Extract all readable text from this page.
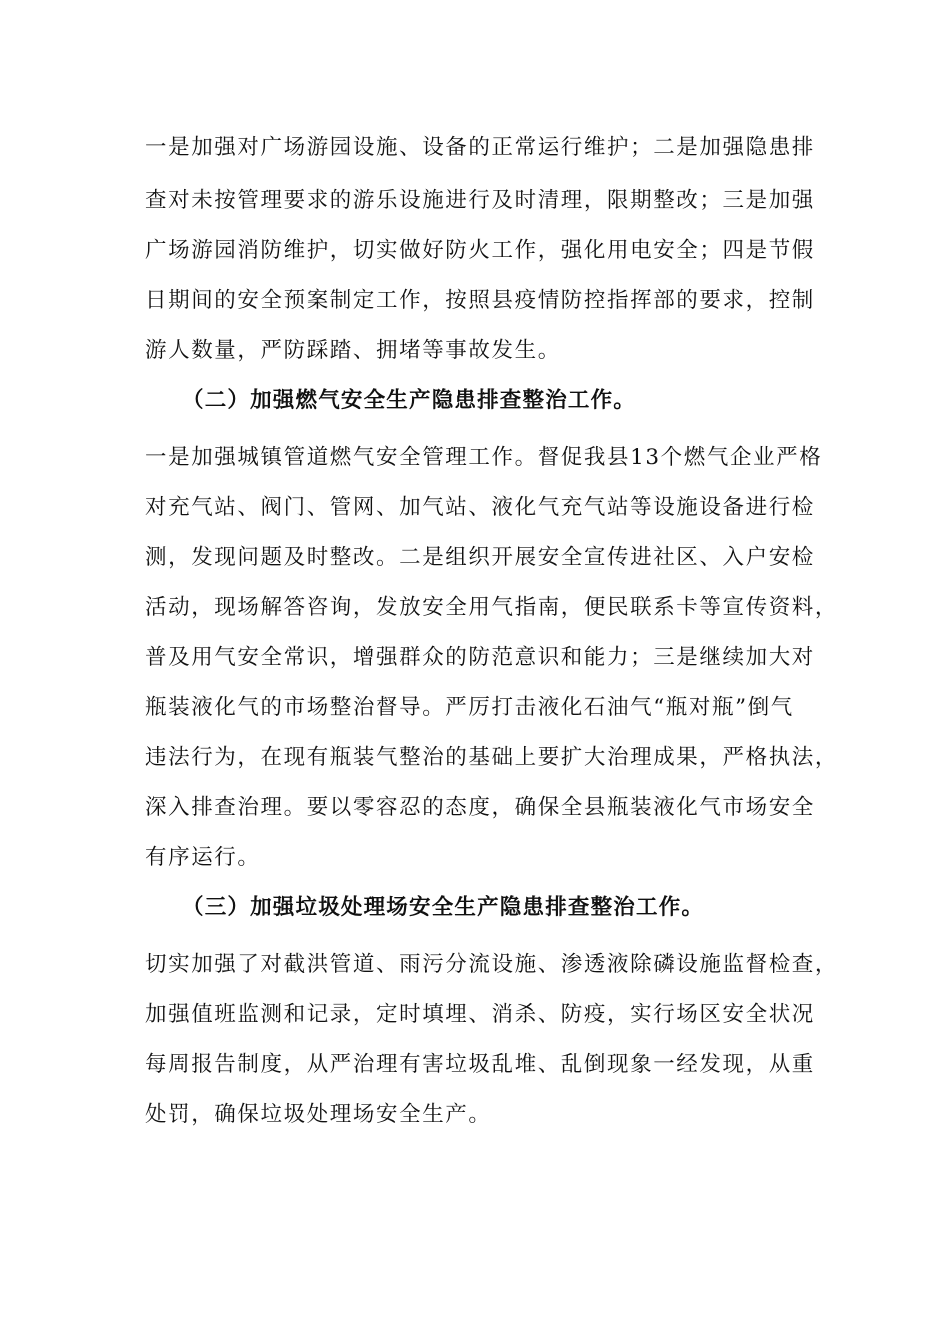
一是加强对广场游园设施、设备的正常运行维护；二是加强隐患排
查对未按管理要求的游乐设施进行及时清理，限期整改；三是加强
广场游园消防维护，切实做好防火工作，强化用电安全；四是节假
日期间的安全预案制定工作，按照县疫情防控指挥部的要求，控制
游人数量，严防踩踏、拥堵等事故发生。
（二）加强燃气安全生产隐患排查整治工作。
一是加强城镇管道燃气安全管理工作。督促我县13个燃气企业严格
对充气站、阀门、管网、加气站、液化气充气站等设施设备进行检
测，发现问题及时整改。二是组织开展安全宣传进社区、入户安检
活动，现场解答咨询，发放安全用气指南，便民联系卡等宣传资料，
普及用气安全常识，增强群众的防范意识和能力；三是继续加大对
瓶装液化气的市场整治督导。严厉打击液化石油气“瓶对瓶”倒气
违法行为，在现有瓶装气整治的基础上要扩大治理成果，严格执法，
深入排查治理。要以零容忍的态度，确保全县瓶装液化气市场安全
有序运行。
（三）加强垃圾处理场安全生产隐患排查整治工作。
切实加强了对截洪管道、雨污分流设施、渗透液除磷设施监督检查，
加强值班监测和记录，定时填埋、消杀、防疫，实行场区安全状况
每周报告制度，从严治理有害垃圾乱堆、乱倒现象一经发现，从重
处罚，确保垃圾处理场安全生产。
